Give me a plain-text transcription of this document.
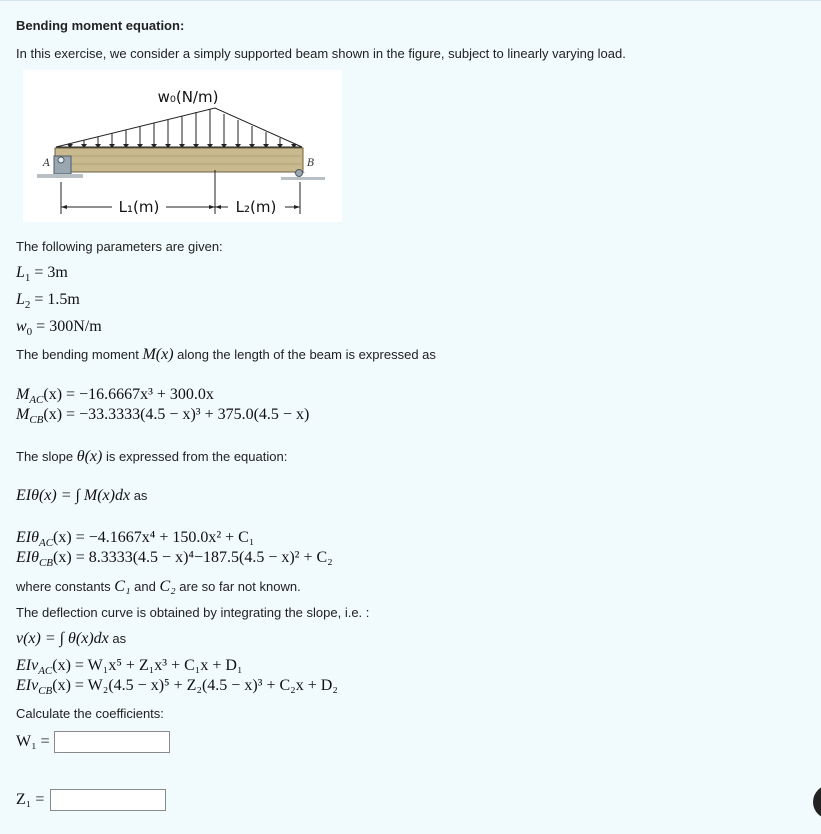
Bending moment equation:
In this exercise, we consider a simply supported beam shown in the figure, subject to linearly varying load.
w₀(N/m)
A	B
L₁(m)	L₂(m)
The following parameters are given:
$L_1 = 3m$
$L_2 = 1.5m$
$w_0 = 300N/m$
The bending moment M(x) along the length of the beam is expressed as
$M_{AC}(x) = -16.6667x^3 + 300.0x$
$M_{CB}(x) = -33.3333(4.5 - x)^3 + 375.0(4.5 - x)$
The slope θ(x) is expressed from the equation:
EIθ(x) = ∫ M(x)dx as
EIθ$_{AC}$(x) = −4.1667x⁴ + 150.0x² + C₁
EIθ$_{CB}$(x) = 8.3333(4.5 − x)⁴−187.5(4.5 − x)² + C₂
where constants C₁ and C₂ are so far not known.
The deflection curve is obtained by integrating the slope, i.e. :
v(x) = ∫ θ(x)dx as
EIv$_{AC}$(x) = W₁x⁵ + Z₁x³ + C₁x + D₁
EIv$_{CB}$(x) = W₂(4.5 − x)⁵ + Z₂(4.5 − x)³ + C₂x + D₂
Calculate the coefficients:
W₁ =
Z₁ =
